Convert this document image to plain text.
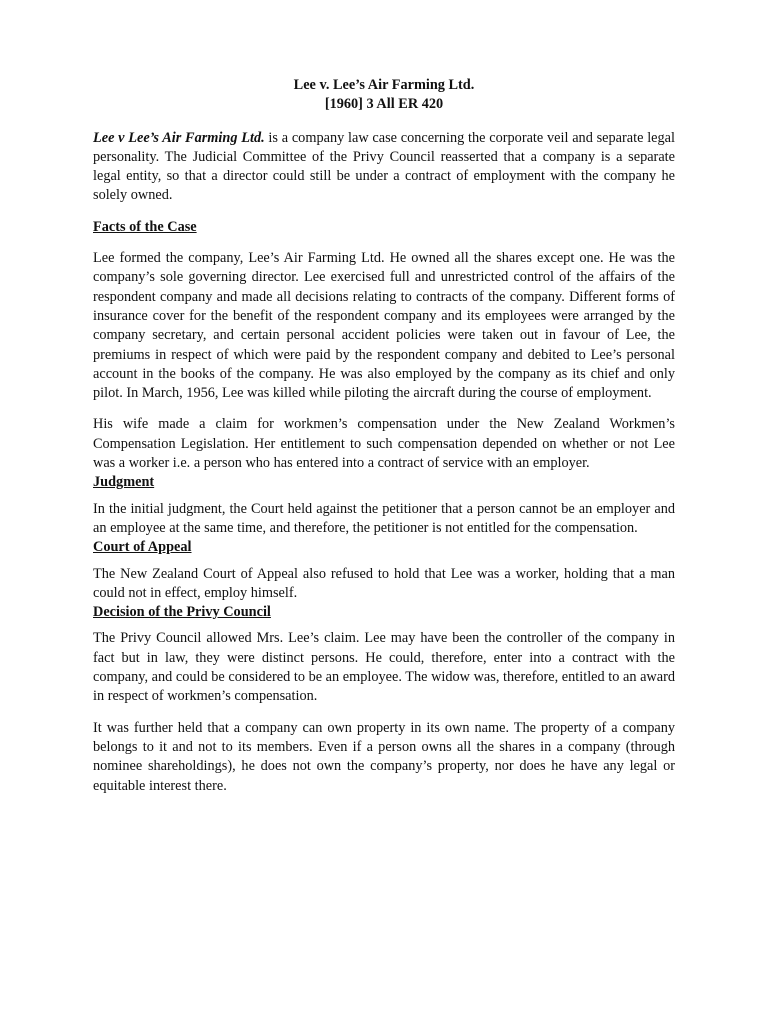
Lee v. Lee’s Air Farming Ltd.
[1960] 3 All ER 420

Lee v Lee’s Air Farming Ltd. is a company law case concerning the corporate veil and separate legal personality. The Judicial Committee of the Privy Council reasserted that a company is a separate legal entity, so that a director could still be under a contract of employment with the company he solely owned.

Facts of the Case

Lee formed the company, Lee’s Air Farming Ltd. He owned all the shares except one. He was the company’s sole governing director. Lee exercised full and unrestricted control of the affairs of the respondent company and made all decisions relating to contracts of the company. Different forms of insurance cover for the benefit of the respondent company and its employees were arranged by the company secretary, and certain personal accident policies were taken out in favour of Lee, the premiums in respect of which were paid by the respondent company and debited to Lee’s personal account in the books of the company. He was also employed by the company as its chief and only pilot. In March, 1956, Lee was killed while piloting the aircraft during the course of employment.

His wife made a claim for workmen’s compensation under the New Zealand Workmen’s Compensation Legislation. Her entitlement to such compensation depended on whether or not Lee was a worker i.e. a person who has entered into a contract of service with an employer.

Judgment

In the initial judgment, the Court held against the petitioner that a person cannot be an employer and an employee at the same time, and therefore, the petitioner is not entitled for the compensation.

Court of Appeal

The New Zealand Court of Appeal also refused to hold that Lee was a worker, holding that a man could not in effect, employ himself.

Decision of the Privy Council

The Privy Council allowed Mrs. Lee’s claim. Lee may have been the controller of the company in fact but in law, they were distinct persons. He could, therefore, enter into a contract with the company, and could be considered to be an employee. The widow was, therefore, entitled to an award in respect of workmen’s compensation.

It was further held that a company can own property in its own name. The property of a company belongs to it and not to its members. Even if a person owns all the shares in a company (through nominee shareholdings), he does not own the company’s property, nor does he have any legal or equitable interest there.
